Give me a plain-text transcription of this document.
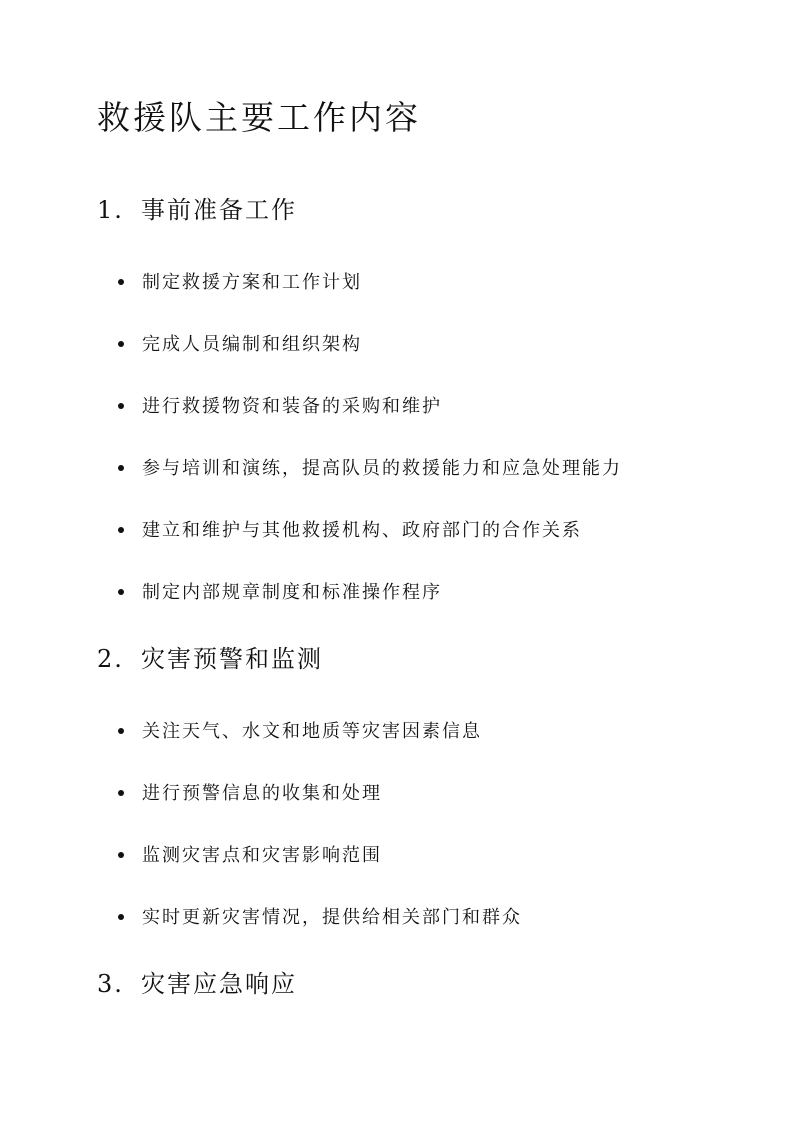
救援队主要工作内容
1. 事前准备工作

制定救援方案和工作计划

完成人员编制和组织架构

进行救援物资和装备的采购和维护

参与培训和演练，提高队员的救援能力和应急处理能力

建立和维护与其他救援机构、政府部门的合作关系

制定内部规章制度和标准操作程序

2. 灾害预警和监测

关注天气、水文和地质等灾害因素信息

进行预警信息的收集和处理

监测灾害点和灾害影响范围

实时更新灾害情况，提供给相关部门和群众

3. 灾害应急响应
